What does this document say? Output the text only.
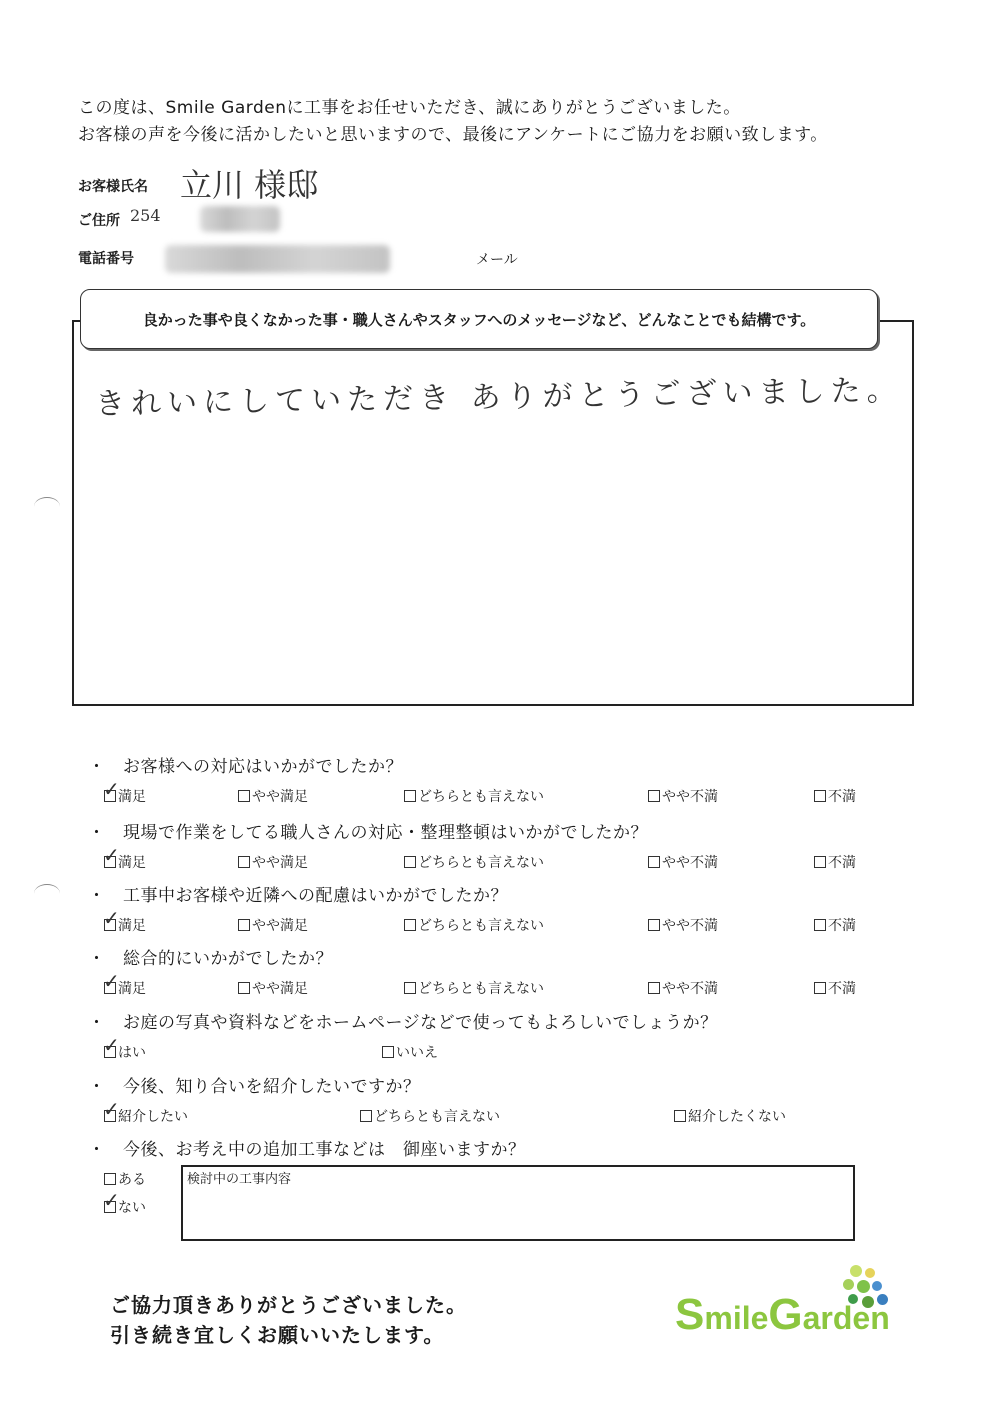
この度は、Smile Gardenに工事をお任せいただき、誠にありがとうございました。
お客様の声を今後に活かしたいと思いますので、最後にアンケートにご協力をお願い致します。
お客様氏名 立川 様邸
ご住所 254
電話番号	メール
良かった事や良くなかった事・職人さんやスタッフへのメッセージなど、どんなことでも結構です。
きれいにしていただき ありがとうございました。
・　お客様への対応はいかがでしたか？
✓
満足	やや満足	どちらとも言えない	やや不満	不満
・　現場で作業をしてる職人さんの対応・整理整頓はいかがでしたか？
✓
満足	やや満足	どちらとも言えない	やや不満	不満
・　工事中お客様や近隣への配慮はいかがでしたか？
✓
満足	やや満足	どちらとも言えない	やや不満	不満
・　総合的にいかがでしたか？
✓
満足	やや満足	どちらとも言えない	やや不満	不満
・　お庭の写真や資料などをホームページなどで使ってもよろしいでしょうか？
✓
はい	いいえ
・　今後、知り合いを紹介したいですか？
✓
紹介したい	どちらとも言えない	紹介したくない
・　今後、お考え中の追加工事などは　御座いますか？
ある
✓
ない
検討中の工事内容
ご協力頂きありがとうございました。
引き続き宜しくお願いいたします。	SmileGarden
